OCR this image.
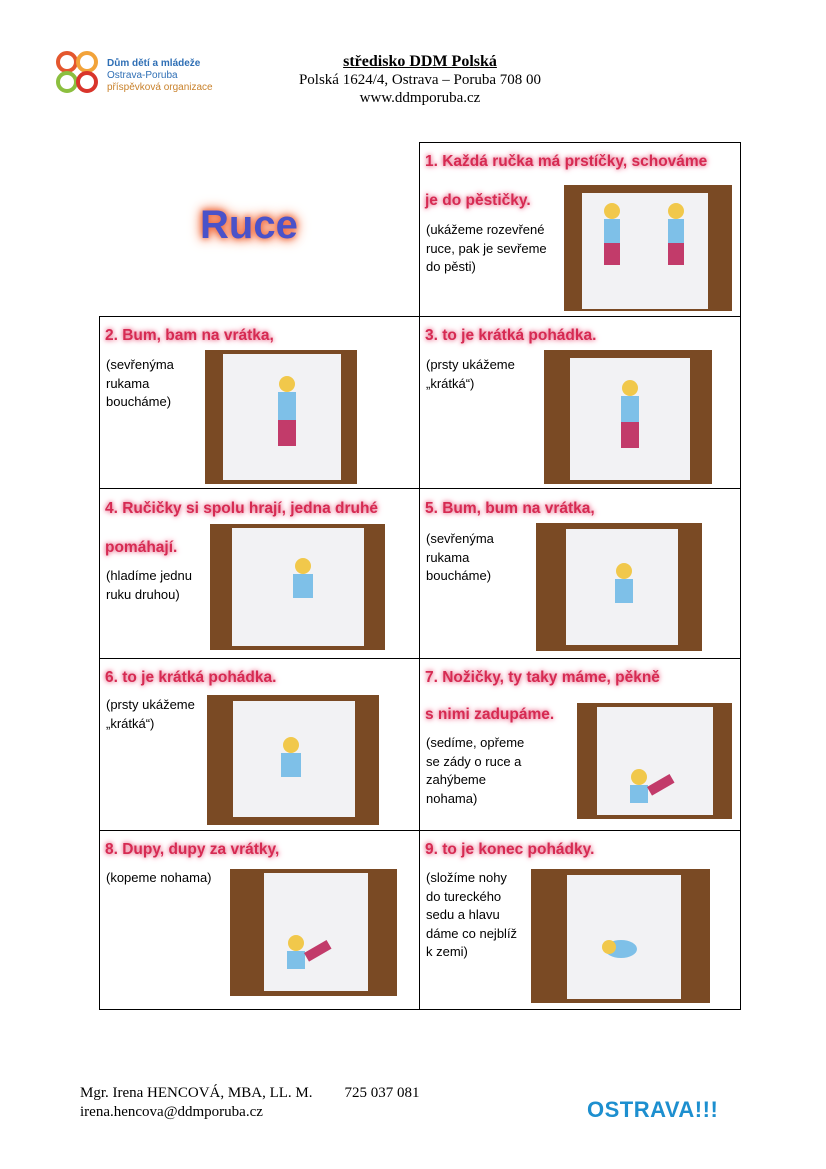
Dům dětí a mládeže
Ostrava-Poruba
příspěvková organizace
středisko DDM Polská
Polská 1624/4, Ostrava – Poruba 708 00
www.ddmporuba.cz
Ruce
1. Každá ručka má prstíčky, schováme
je do pěstičky.
(ukážeme rozevřené
ruce, pak je sevřeme
do pěsti)
2. Bum, bam na vrátka,
(sevřenýma
rukama
boucháme)
3. to je krátká pohádka.
(prsty ukážeme
„krátká“)
4. Ručičky si spolu hrají, jedna druhé
pomáhají.
(hladíme jednu
ruku druhou)
5. Bum, bum na vrátka,
(sevřenýma
rukama
boucháme)
6. to je krátká pohádka.
(prsty ukážeme
„krátká“)
7. Nožičky, ty taky máme, pěkně
s nimi zadupáme.
(sedíme, opřeme
se zády o ruce a
zahýbeme
nohama)
8. Dupy, dupy za vrátky,
(kopeme nohama)
9. to je konec pohádky.
(složíme nohy
do tureckého
sedu a hlavu
dáme co nejblíž
k zemi)
Mgr. Irena HENCOVÁ, MBA, LL. M. 725 037 081
irena.hencova@ddmporuba.cz	OSTRAVA!!!
